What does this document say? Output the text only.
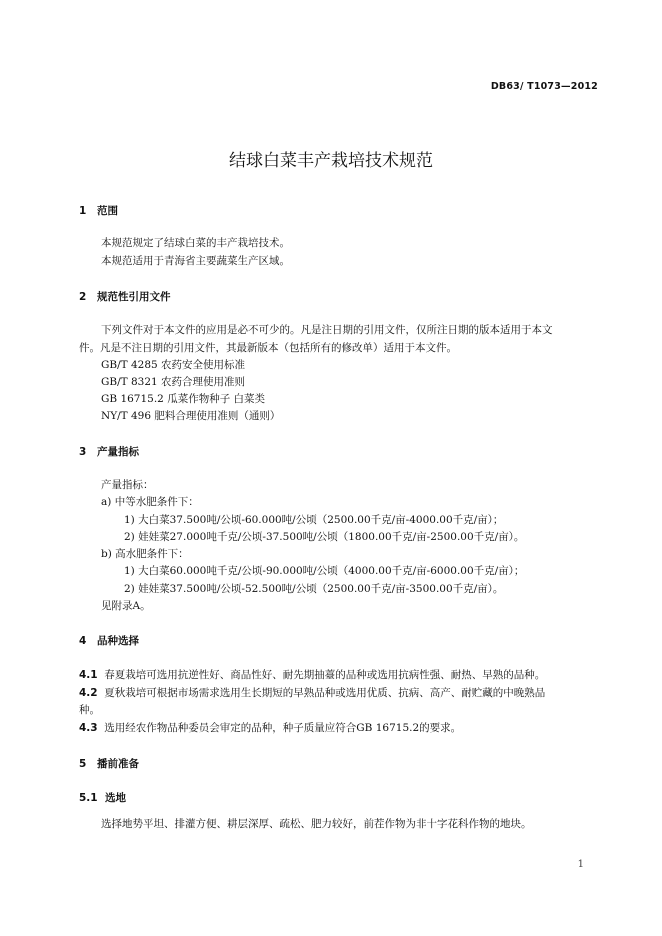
DB63/ T1073—2012
结球白菜丰产栽培技术规范
1 范围
本规范规定了结球白菜的丰产栽培技术。
本规范适用于青海省主要蔬菜生产区域。
2 规范性引用文件
下列文件对于本文件的应用是必不可少的。凡是注日期的引用文件，仅所注日期的版本适用于本文
件。凡是不注日期的引用文件，其最新版本（包括所有的修改单）适用于本文件。
GB/T 4285 农药安全使用标准
GB/T 8321 农药合理使用准则
GB 16715.2 瓜菜作物种子 白菜类
NY/T 496 肥料合理使用准则（通则）
3 产量指标
产量指标：
a) 中等水肥条件下：
1) 大白菜37.500吨/公顷-60.000吨/公顷（2500.00千克/亩-4000.00千克/亩）；
2) 娃娃菜27.000吨千克/公顷-37.500吨/公顷（1800.00千克/亩-2500.00千克/亩）。
b) 高水肥条件下：
1) 大白菜60.000吨千克/公顷-90.000吨/公顷（4000.00千克/亩-6000.00千克/亩）；
2) 娃娃菜37.500吨/公顷-52.500吨/公顷（2500.00千克/亩-3500.00千克/亩）。
见附录A。
4 品种选择
4.1 春夏栽培可选用抗逆性好、商品性好、耐先期抽薹的品种或选用抗病性强、耐热、早熟的品种。
4.2 夏秋栽培可根据市场需求选用生长期短的早熟品种或选用优质、抗病、高产、耐贮藏的中晚熟品
种。
4.3 选用经农作物品种委员会审定的品种，种子质量应符合GB 16715.2的要求。
5 播前准备
5.1 选地
选择地势平坦、排灌方便、耕层深厚、疏松、肥力较好，前茬作物为非十字花科作物的地块。
1
